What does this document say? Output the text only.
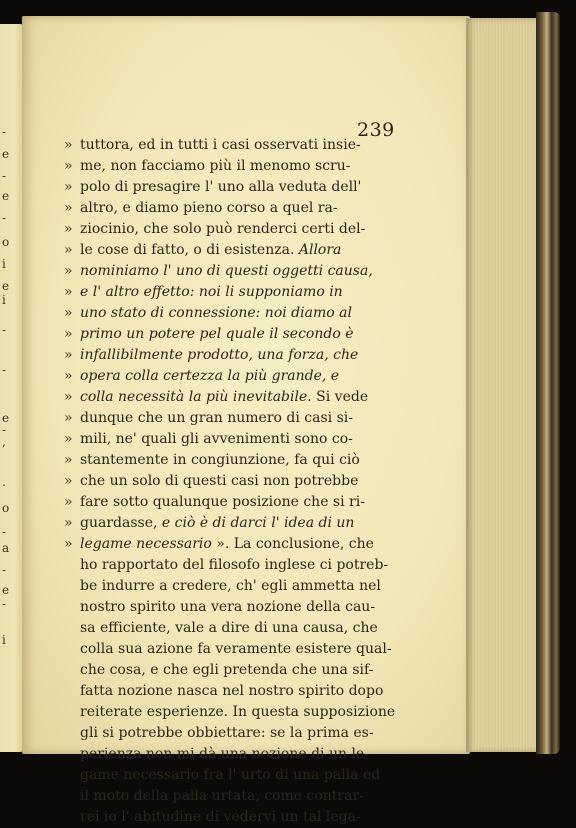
-
e
-
e
-
o
i
e
i
-
-
e
-
,
.
o
-
a
-
e
-
i
239
» tuttora, ed in tutti i casi osservati insie-
» me, non facciamo più il menomo scru-
» polo di presagire l' uno alla veduta dell'
» altro, e diamo pieno corso a quel ra-
» ziocinio, che solo può renderci certi del-
» le cose di fatto, o di esistenza. Allora
» nominiamo l' uno di questi oggetti causa,
» e l' altro effetto: noi li supponiamo in
» uno stato di connessione: noi diamo al
» primo un potere pel quale il secondo è
» infallibilmente prodotto, una forza, che
» opera colla certezza la più grande, e
» colla necessità la più inevitabile. Si vede
» dunque che un gran numero di casi si-
» mili, ne' quali gli avvenimenti sono co-
» stantemente in congiunzione, fa qui ciò
» che un solo di questi casi non potrebbe
» fare sotto qualunque posizione che si ri-
» guardasse, e ciò è di darci l' idea di un
» legame necessario ». La conclusione, che
ho rapportato del filosofo inglese ci potreb-
be indurre a credere, ch' egli ammetta nel
nostro spirito una vera nozione della cau-
sa efficiente, vale a dire di una causa, che
colla sua azione fa veramente esistere qual-
che cosa, e che egli pretenda che una sif-
fatta nozione nasca nel nostro spirito dopo
reiterate esperienze. In questa supposizione
gli si potrebbe obbiettare: se la prima es-
perienza non mi dà una nozione di un le-
game necessario fra l' urto di una palla ed
il moto della palla urtata, come contrar-
rei io l' abitudine di vedervi un tal lega-
